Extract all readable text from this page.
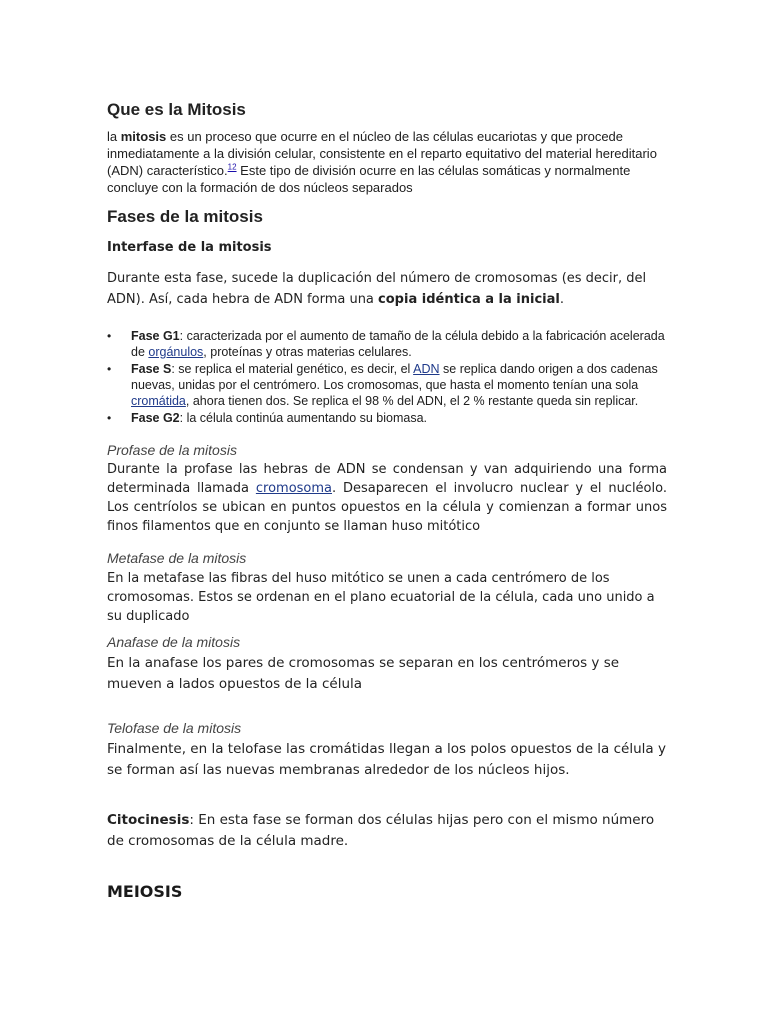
Que es la Mitosis
la mitosis es un proceso que ocurre en el núcleo de las células eucariotas y que procede inmediatamente a la división celular, consistente en el reparto equitativo del material hereditario (ADN) característico.$^{12}$ Este tipo de división ocurre en las células somáticas y normalmente concluye con la formación de dos núcleos separados
Fases de la mitosis
Interfase de la mitosis
Durante esta fase, sucede la duplicación del número de cromosomas (es decir, del ADN). Así, cada hebra de ADN forma una copia idéntica a la inicial.
• Fase G1: caracterizada por el aumento de tamaño de la célula debido a la fabricación acelerada de orgánulos, proteínas y otras materias celulares.
• Fase S: se replica el material genético, es decir, el ADN se replica dando origen a dos cadenas nuevas, unidas por el centrómero. Los cromosomas, que hasta el momento tenían una sola cromátida, ahora tienen dos. Se replica el 98 % del ADN, el 2 % restante queda sin replicar.
• Fase G2: la célula continúa aumentando su biomasa.
Profase de la mitosis
Durante la profase las hebras de ADN se condensan y van adquiriendo una forma determinada llamada cromosoma. Desaparecen el involucro nuclear y el nucléolo. Los centríolos se ubican en puntos opuestos en la célula y comienzan a formar unos finos filamentos que en conjunto se llaman huso mitótico
Metafase de la mitosis
En la metafase las fibras del huso mitótico se unen a cada centrómero de los cromosomas. Estos se ordenan en el plano ecuatorial de la célula, cada uno unido a su duplicado
Anafase de la mitosis
En la anafase los pares de cromosomas se separan en los centrómeros y se mueven a lados opuestos de la célula
Telofase de la mitosis
Finalmente, en la telofase las cromátidas llegan a los polos opuestos de la célula y se forman así las nuevas membranas alrededor de los núcleos hijos.
Citocinesis: En esta fase se forman dos células hijas pero con el mismo número de cromosomas de la célula madre.
MEIOSIS
